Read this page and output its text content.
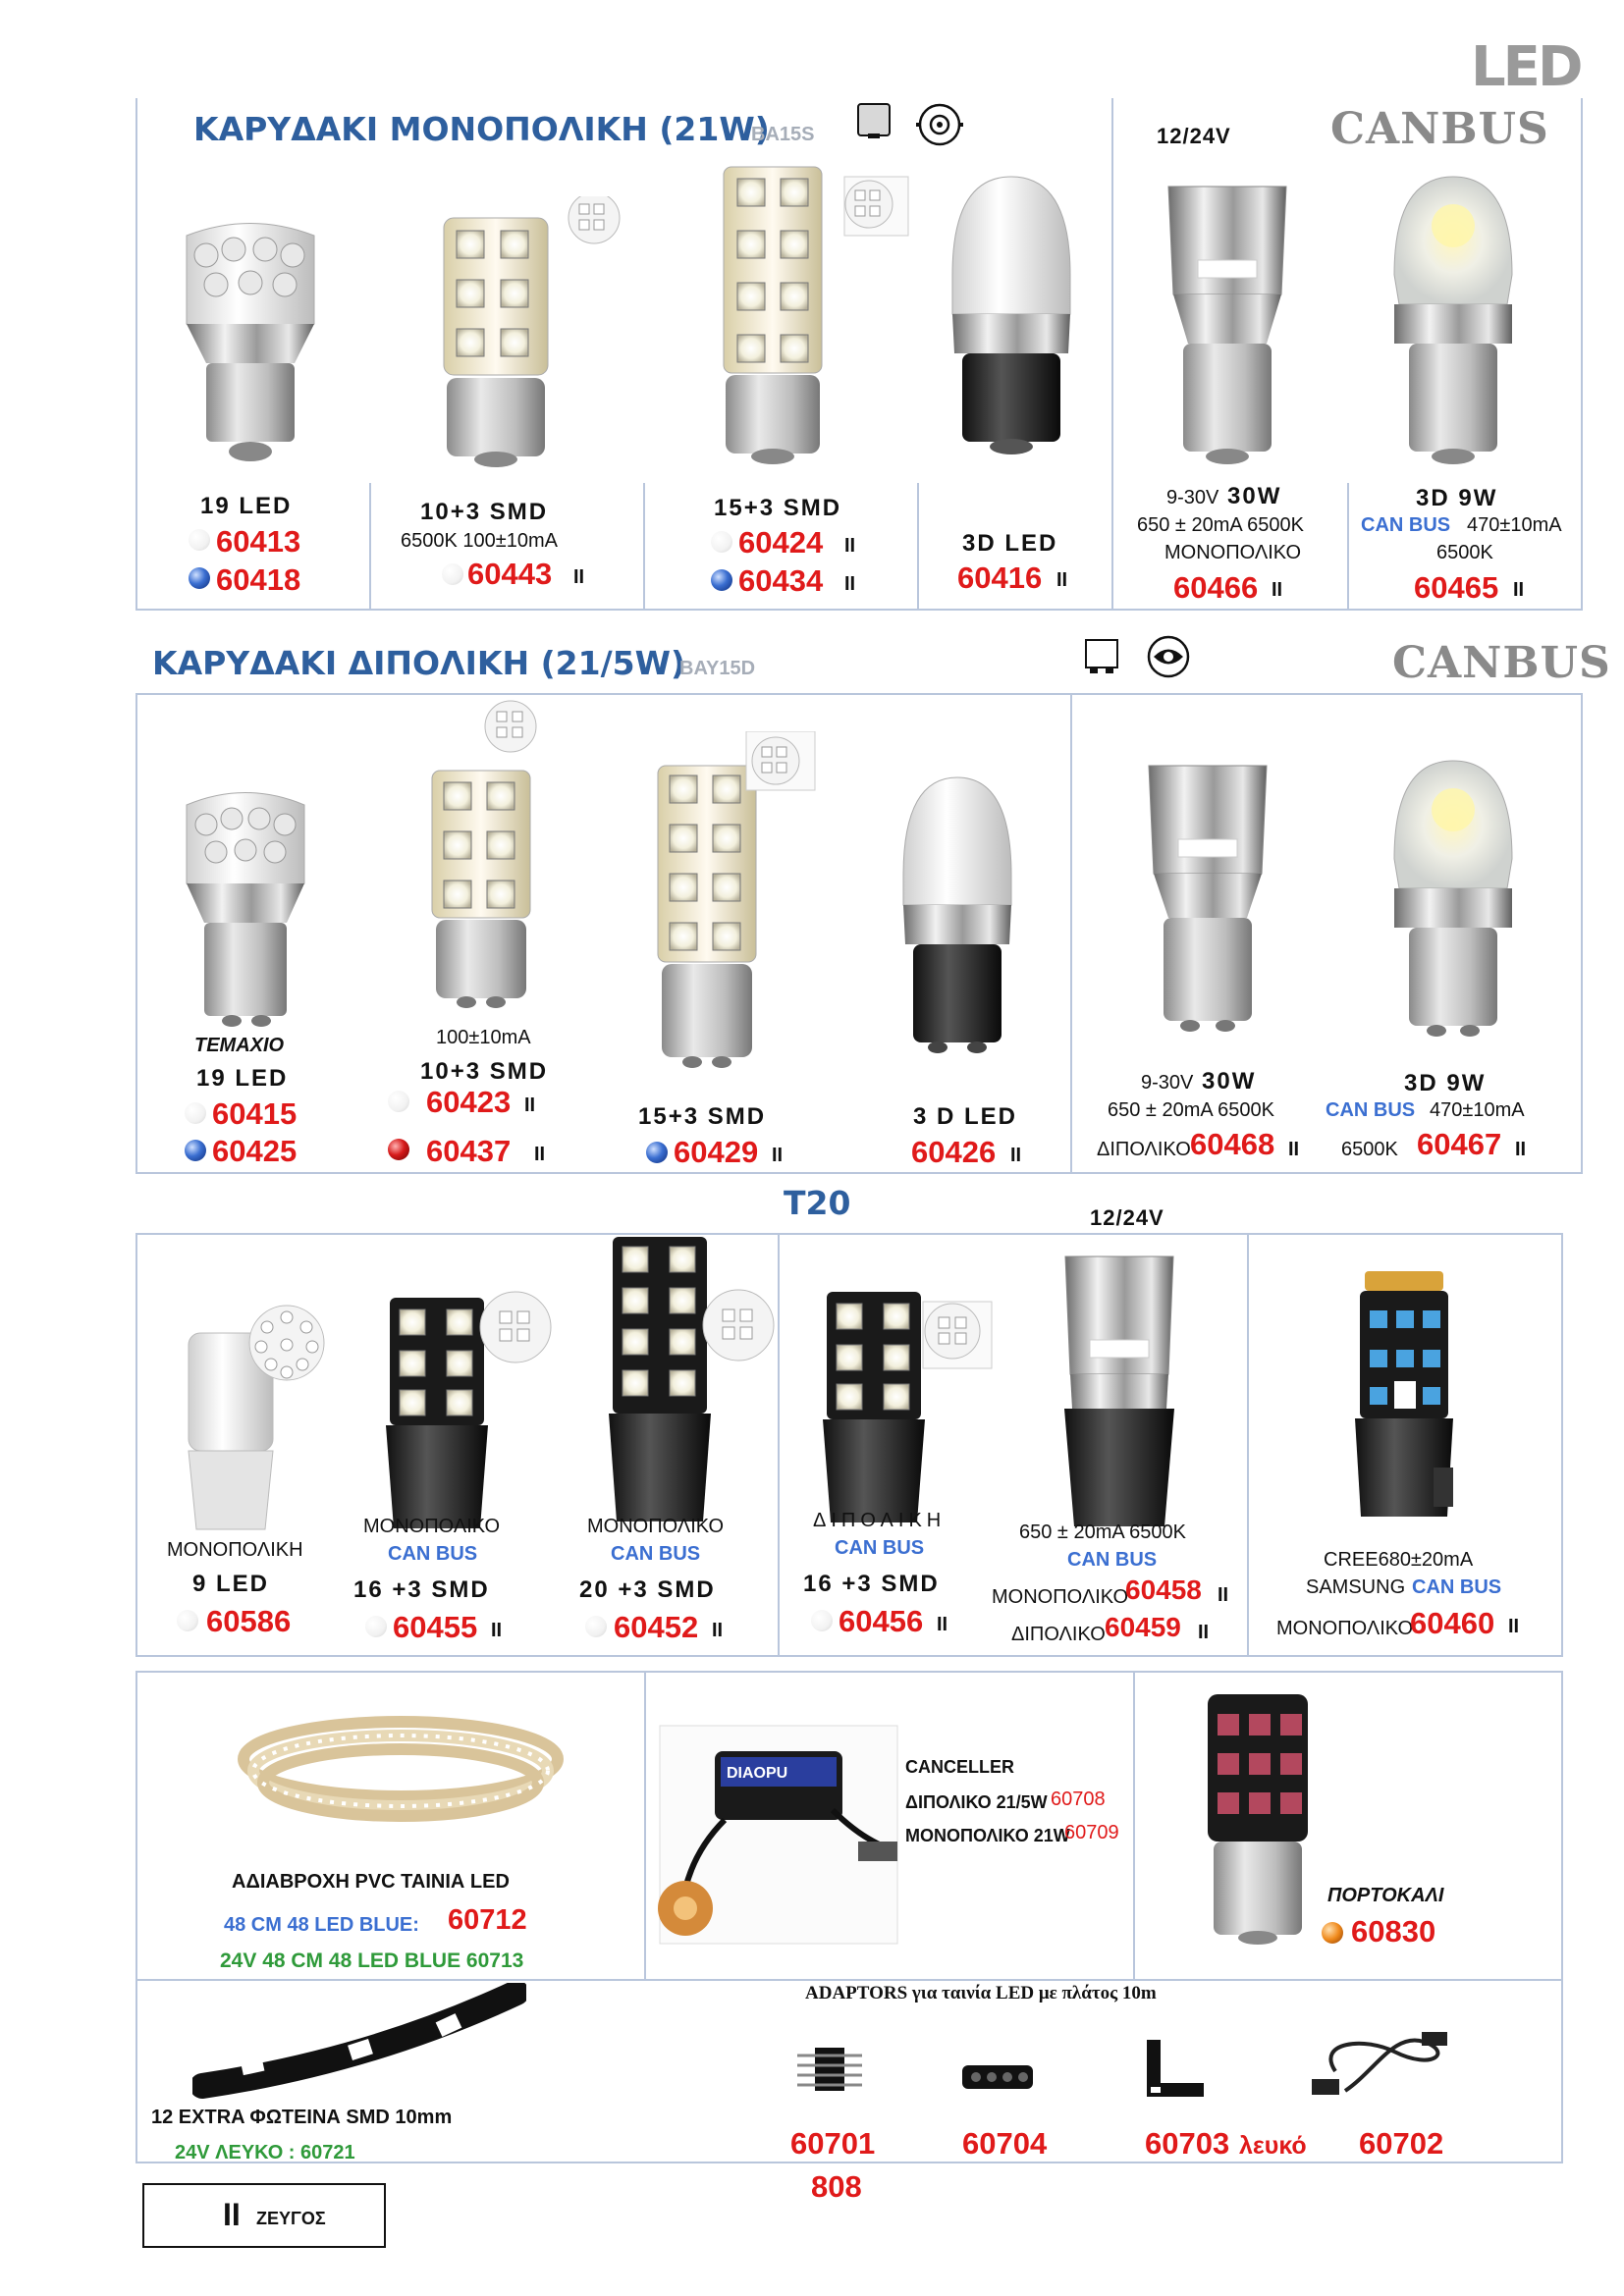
LED
ΚΑΡΥΔΑΚΙ ΜΟΝΟΠΟΛΙΚΗ (21W)
BA15S	12/24V CANBUS
19 LED
60413
60418
10+3 SMD
6500K 100±10mA
60443 II
15+3 SMD
60424 II
60434 II
3D LED
60416 II
9-30V 30W
650 ± 20mA 6500K
ΜΟΝΟΠΟΛΙΚΟ
60466 II
3D 9W
CAN BUS 470±10mA
6500K
60465 II
ΚΑΡΥΔΑΚΙ ΔΙΠΟΛΙΚΗ (21/5W)
BAY15D	CANBUS
ΤΕΜΑΧΙΟ
19 LED
60415
60425
100±10mA
10+3 SMD
60423 II
60437 II
15+3 SMD
60429 II
3 D LED
60426 II
9-30V 30W
650 ± 20mA 6500K
ΔΙΠΟΛΙΚΟ 60468 II
3D 9W
CAN BUS 470±10mA
6500K 60467 II
T20	12/24V
ΜΟΝΟΠΟΛΙΚΗ
9 LED
60586
ΜΟΝΟΠΟΛΙΚΟ
CAN BUS
16 +3 SMD
60455 II
ΜΟΝΟΠΟΛΙΚΟ
CAN BUS
20 +3 SMD
60452 II
ΔΙΠΟΛΙΚΗ
CAN BUS
16 +3 SMD
60456 II
650 ± 20mA 6500K
CAN BUS
ΜΟΝΟΠΟΛΙΚΟ
60458 II
ΔΙΠΟΛΙΚΟ 60459 II
CREE680±20mA
SAMSUNG CAN BUS
ΜΟΝΟΠΟΛΙΚΟ
60460 II
ΑΔΙΑΒΡΟΧΗ PVC ΤΑΙΝΙΑ LED
48 CM 48 LED BLUE: 60712
24V 48 CM 48 LED BLUE 60713
DIAOPU	CANCELLER
ΔΙΠΟΛΙΚΟ 21/5W 60708
ΜΟΝΟΠΟΛΙΚΟ 21W
60709
ΠΟΡΤΟΚΑΛΙ
60830
12 EXTRA ΦΩΤΕΙΝΑ SMD 10mm
24V ΛΕΥΚΟ : 60721
ADAPTORS για ταινία LED με πλάτος 10m
60701
808
60704	60703 λευκό 60702
II ΖΕΥΓΟΣ
